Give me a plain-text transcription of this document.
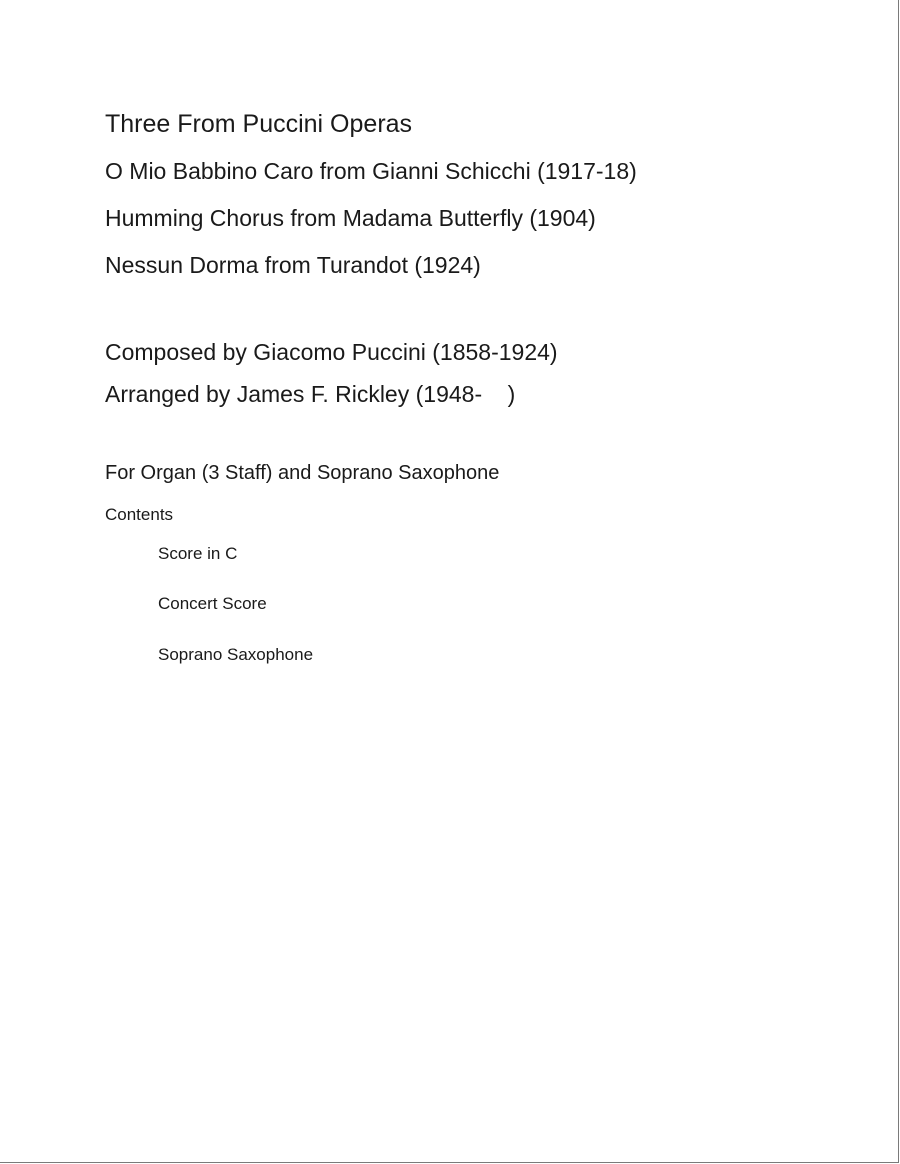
Three From Puccini Operas
O Mio Babbino Caro from Gianni Schicchi (1917-18)
Humming Chorus from Madama Butterfly (1904)
Nessun Dorma from Turandot (1924)
Composed by Giacomo Puccini (1858-1924)
Arranged by James F. Rickley (1948-    )
For Organ (3 Staff) and Soprano Saxophone
Contents
Score in C
Concert Score
Soprano Saxophone
